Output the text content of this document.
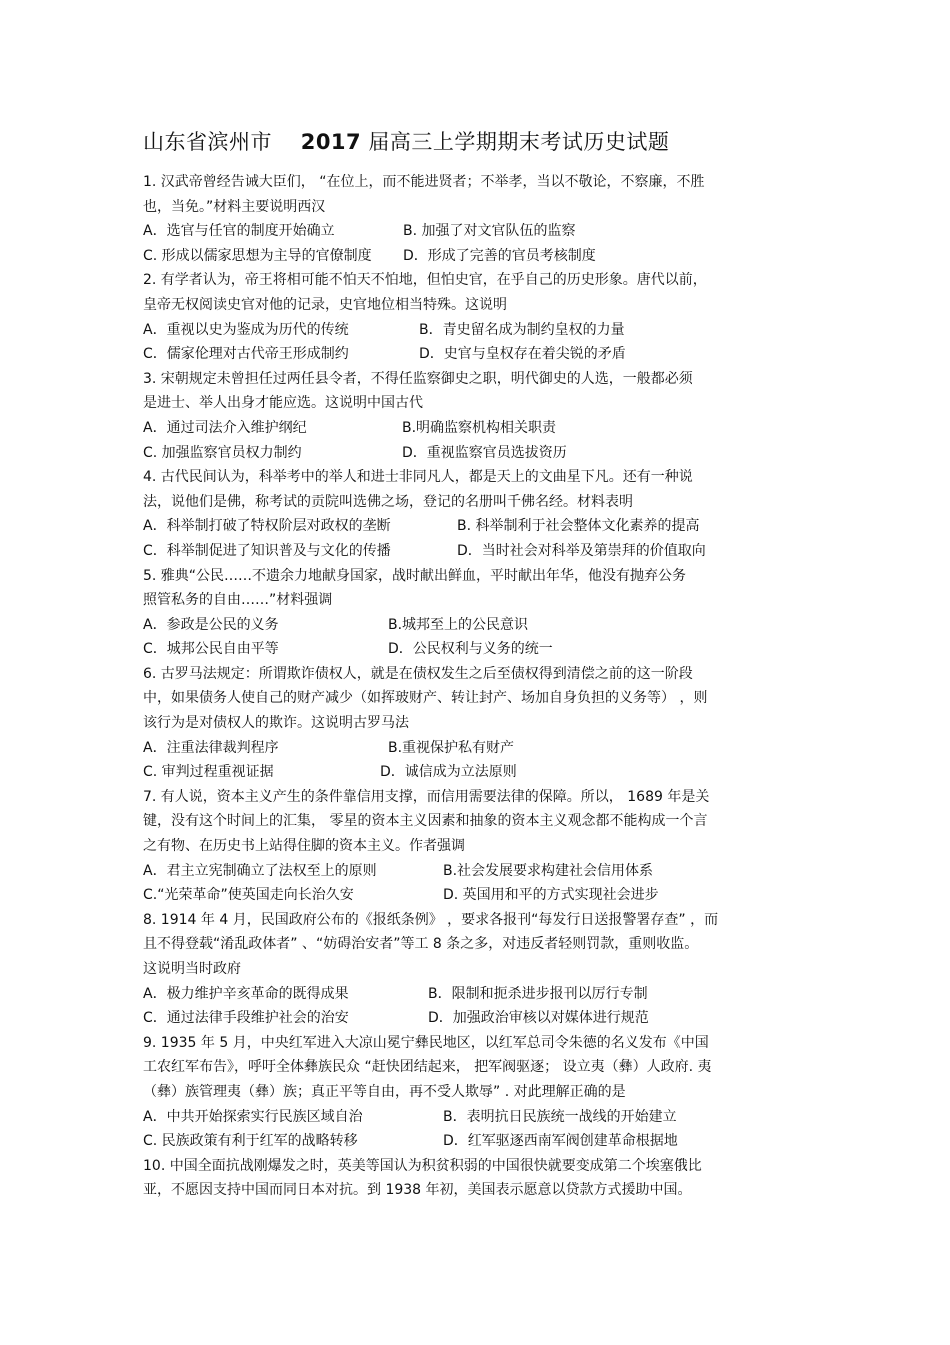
山东省滨州市 2017 届高三上学期期末考试历史试题

1. 汉武帝曾经告诫大臣们， “在位上，而不能进贤者；不举孝，当以不敬论，不察廉，不胜

也，当免。”材料主要说明西汉

A．选官与任官的制度开始确立	B. 加强了对文官队伍的监察
C. 形成以儒家思想为主导的官僚制度	D．形成了完善的官员考核制度

2. 有学者认为，帝王将相可能不怕天不怕地，但怕史官，在乎自己的历史形象。唐代以前，

皇帝无权阅读史官对他的记录，史官地位相当特殊。这说明

A．重视以史为鉴成为历代的传统	B．青史留名成为制约皇权的力量
C．儒家伦理对古代帝王形成制约	D．史官与皇权存在着尖锐的矛盾

3. 宋朝规定未曾担任过两任县令者，不得任监察御史之职，明代御史的人选，一般都必须

是进士、举人出身才能应选。这说明中国古代

A．通过司法介入维护纲纪	B.明确监察机构相关职责
C. 加强监察官员权力制约	D．重视监察官员选拔资历

4. 古代民间认为，科举考中的举人和进士非同凡人，都是天上的文曲星下凡。还有一种说

法，说他们是佛，称考试的贡院叫选佛之场，登记的名册叫千佛名经。材料表明

A．科举制打破了特权阶层对政权的垄断	B. 科举制利于社会整体文化素养的提高
C．科举制促进了知识普及与文化的传播	D．当时社会对科举及第崇拜的价值取向

5. 雅典“公民……不遗余力地献身国家，战时献出鲜血，平时献出年华，他没有抛弃公务

照管私务的自由……”材料强调

A．参政是公民的义务	B.城邦至上的公民意识
C．城邦公民自由平等	D．公民权利与义务的统一

6. 古罗马法规定：所谓欺诈债权人，就是在债权发生之后至债权得到清偿之前的这一阶段

中，如果债务人使自己的财产减少（如挥玻财产、转让封产、场加自身负担的义务等） ，则

该行为是对债权人的欺诈。这说明古罗马法

A．注重法律裁判程序	B.重视保护私有财产
C. 审判过程重视证据	D．诚信成为立法原则

7. 有人说，资本主义产生的条件靠信用支撑，而信用需要法律的保障。所以， 1689 年是关

键，没有这个时间上的汇集， 零星的资本主义因素和抽象的资本主义观念都不能构成一个言

之有物、在历史书上站得住脚的资本主义。作者强调

A．君主立宪制确立了法权至上的原则	B.社会发展要求构建社会信用体系
C.“光荣革命”使英国走向长治久安	D. 英国用和平的方式实现社会进步

8. 1914 年 4 月，民国政府公布的《报纸条例》 ，要求各报刊“每发行日送报警署存查” ，而

且不得登载“淆乱政体者” 、“妨碍治安者”等工 8 条之多，对违反者轻则罚款，重则收监。

这说明当时政府

A．极力维护辛亥革命的既得成果	B．限制和扼杀进步报刊以厉行专制
C．通过法律手段维护社会的治安	D．加强政治审核以对媒体进行规范

9. 1935 年 5 月，中央红军进入大凉山冕宁彝民地区，以红军总司令朱德的名义发布《中国

工农红军布告》，呼吁全体彝族民众 “赶快团结起来， 把军阀驱逐； 设立夷（彝）人政府. 夷

（彝）族管理夷（彝）族；真正平等自由，再不受人欺辱” . 对此理解正确的是

A．中共开始探索实行民族区域自治	B．表明抗日民族统一战线的开始建立
C. 民族政策有利于红军的战略转移	D．红军驱逐西南军阀创建革命根据地

10. 中国全面抗战刚爆发之时，英美等国认为积贫积弱的中国很快就要变成第二个埃塞俄比

亚，不愿因支持中国而同日本对抗。到 1938 年初，美国表示愿意以贷款方式援助中国。
